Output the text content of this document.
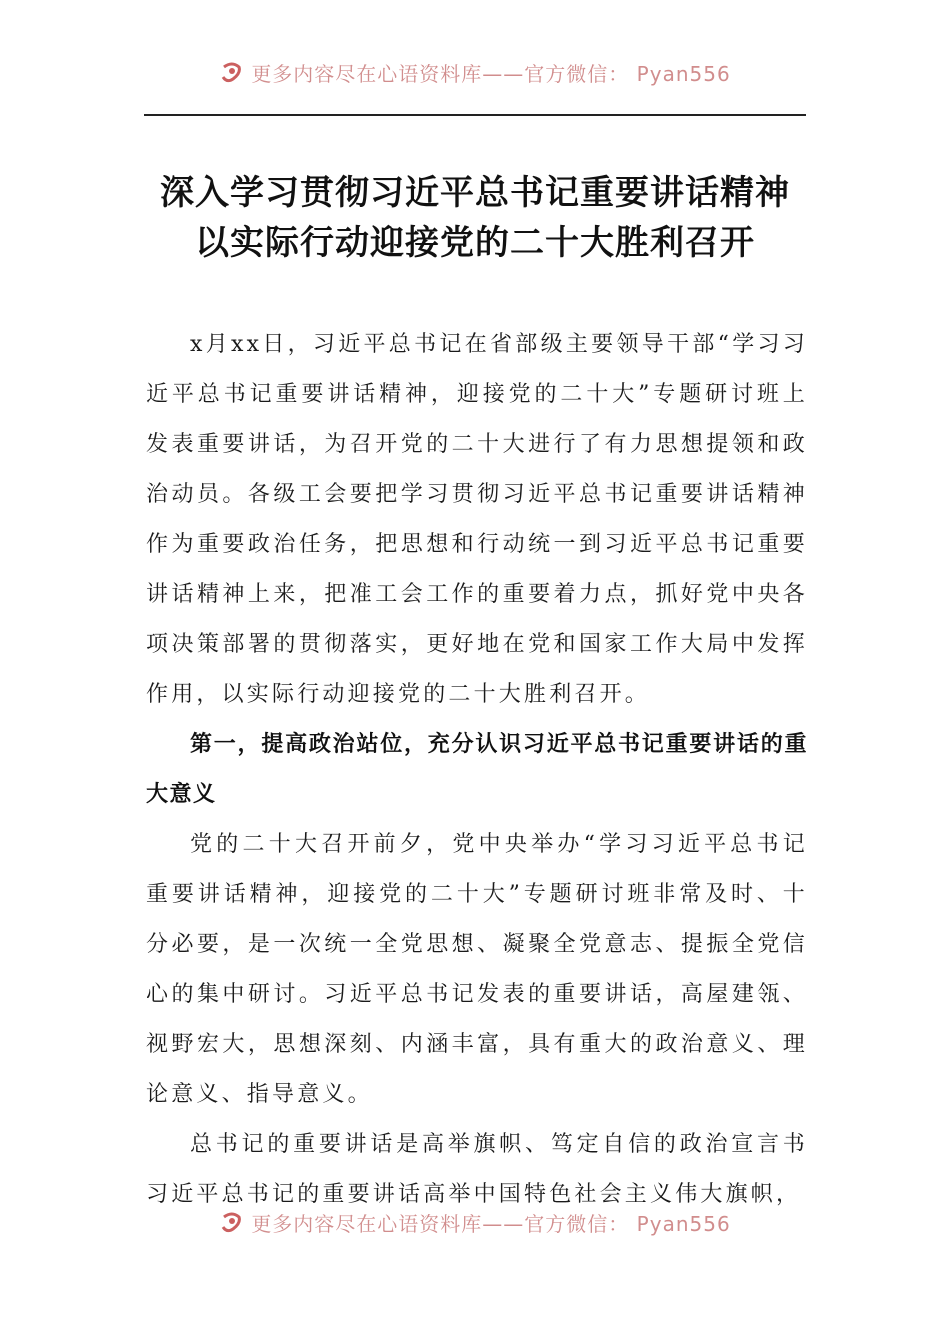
更多内容尽在心语资料库——官方微信： Pyan556
深入学习贯彻习近平总书记重要讲话精神
以实际行动迎接党的二十大胜利召开

x月xx日，习近平总书记在省部级主要领导干部“学习习近平总书记重要讲话精神，迎接党的二十大”专题研讨班上发表重要讲话，为召开党的二十大进行了有力思想提领和政治动员。各级工会要把学习贯彻习近平总书记重要讲话精神作为重要政治任务，把思想和行动统一到习近平总书记重要讲话精神上来，把准工会工作的重要着力点，抓好党中央各项决策部署的贯彻落实，更好地在党和国家工作大局中发挥作用，以实际行动迎接党的二十大胜利召开。

第一，提高政治站位，充分认识习近平总书记重要讲话的重大意义

党的二十大召开前夕，党中央举办“学习习近平总书记重要讲话精神，迎接党的二十大”专题研讨班非常及时、十分必要，是一次统一全党思想、凝聚全党意志、提振全党信心的集中研讨。习近平总书记发表的重要讲话，高屋建瓴、视野宏大，思想深刻、内涵丰富，具有重大的政治意义、理论意义、指导意义。

总书记的重要讲话是高举旗帜、笃定自信的政治宣言书习近平总书记的重要讲话高举中国特色社会主义伟大旗帜，

更多内容尽在心语资料库——官方微信： Pyan556
